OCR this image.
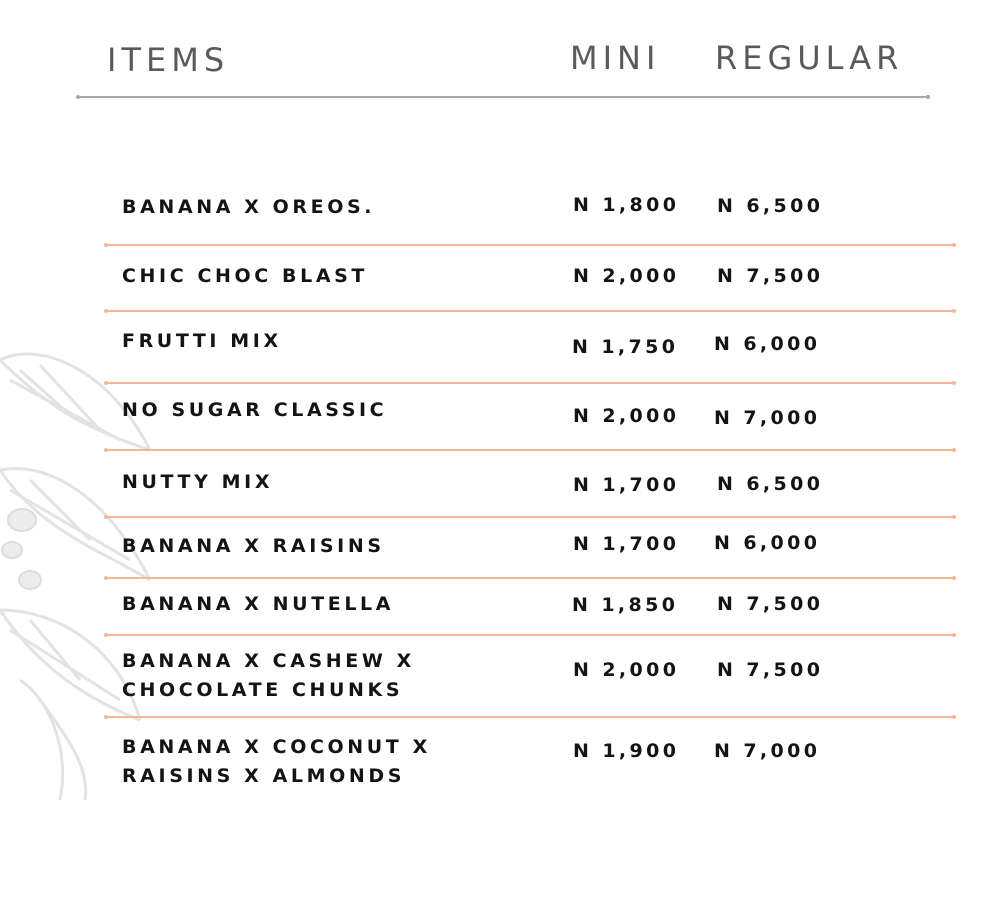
ITEMS	MINI REGULAR
BANANA X OREOS.	N 1,800 N 6,500
CHIC CHOC BLAST	N 2,000 N 7,500
FRUTTI MIX	N 1,750 N 6,000
NO SUGAR CLASSIC	N 2,000 N 7,000
NUTTY MIX	N 1,700 N 6,500
BANANA X RAISINS	N 1,700 N 6,000
BANANA X NUTELLA	N 1,850 N 7,500
BANANA X CASHEW X
CHOCOLATE CHUNKS
N 2,000 N 7,500
BANANA X COCONUT X
RAISINS X ALMONDS
N 1,900 N 7,000
